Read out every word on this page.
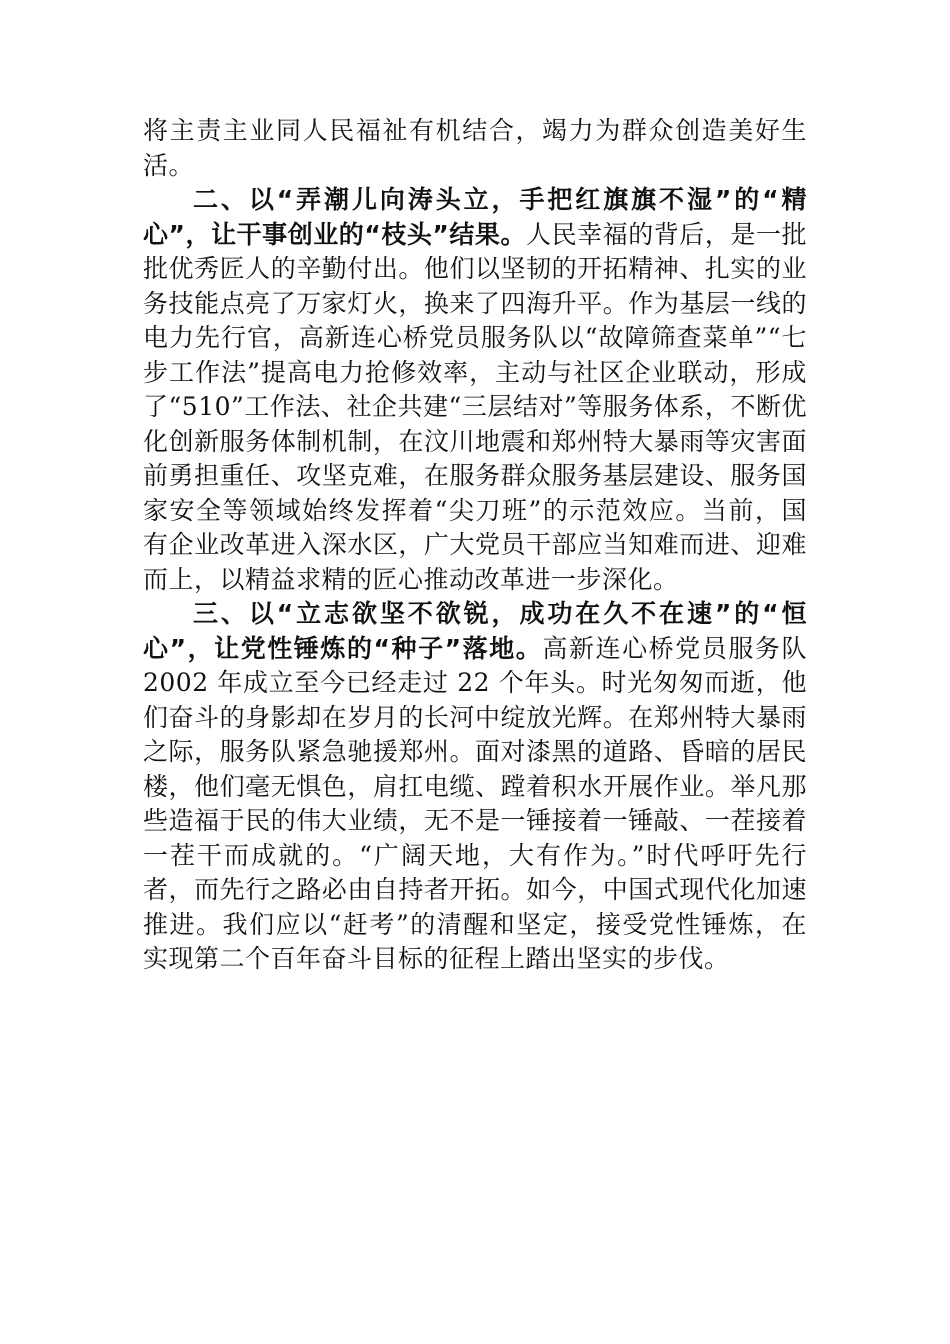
将主责主业同人民福祉有机结合，竭力为群众创造美好生活。

二、以“弄潮儿向涛头立，手把红旗旗不湿”的“精心”，让干事创业的“枝头”结果。人民幸福的背后，是一批批优秀匠人的辛勤付出。他们以坚韧的开拓精神、扎实的业务技能点亮了万家灯火，换来了四海升平。作为基层一线的电力先行官，高新连心桥党员服务队以“故障筛查菜单”“七步工作法”提高电力抢修效率，主动与社区企业联动，形成了“510”工作法、社企共建“三层结对”等服务体系，不断优化创新服务体制机制，在汶川地震和郑州特大暴雨等灾害面前勇担重任、攻坚克难，在服务群众服务基层建设、服务国家安全等领域始终发挥着“尖刀班”的示范效应。当前，国有企业改革进入深水区，广大党员干部应当知难而进、迎难而上，以精益求精的匠心推动改革进一步深化。

三、以“立志欲坚不欲锐，成功在久不在速”的“恒心”，让党性锤炼的“种子”落地。高新连心桥党员服务队 2002 年成立至今已经走过 22 个年头。时光匆匆而逝，他们奋斗的身影却在岁月的长河中绽放光辉。在郑州特大暴雨之际，服务队紧急驰援郑州。面对漆黑的道路、昏暗的居民楼，他们毫无惧色，肩扛电缆、蹚着积水开展作业。举凡那些造福于民的伟大业绩，无不是一锤接着一锤敲、一茬接着一茬干而成就的。“广阔天地，大有作为。”时代呼吁先行者，而先行之路必由自持者开拓。如今，中国式现代化加速推进。我们应以“赶考”的清醒和坚定，接受党性锤炼，在实现第二个百年奋斗目标的征程上踏出坚实的步伐。
